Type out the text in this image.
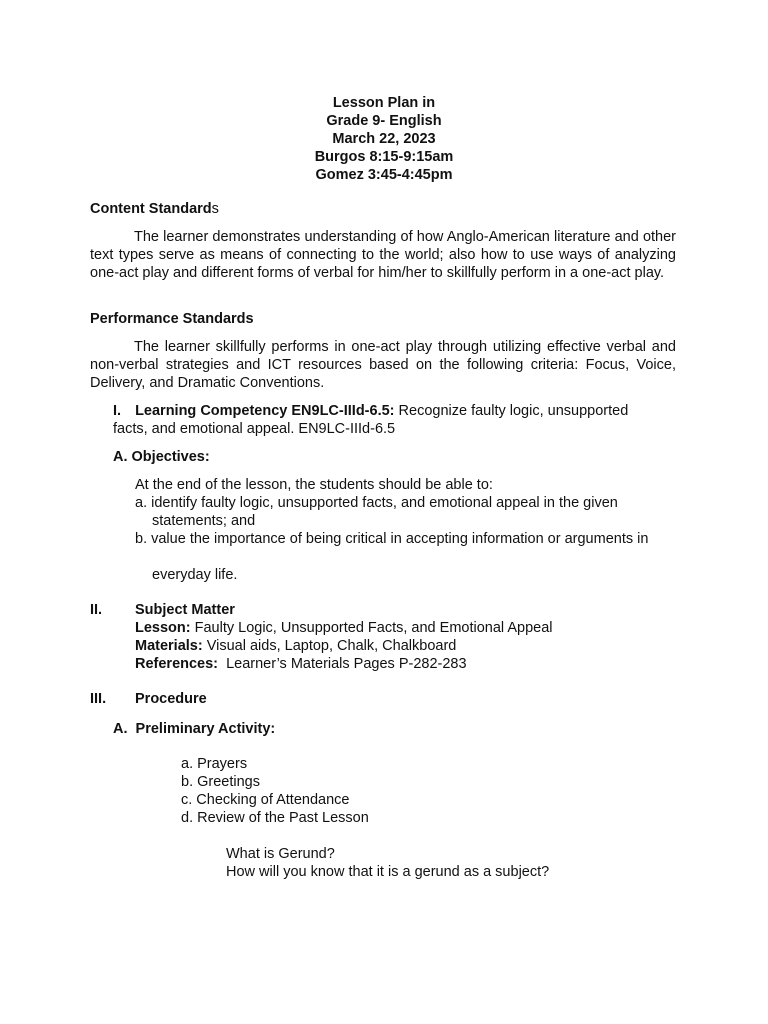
Lesson Plan in
Grade 9- English
March 22, 2023
Burgos 8:15-9:15am
Gomez 3:45-4:45pm
Content Standards
The learner demonstrates understanding of how Anglo-American literature and other text types serve as means of connecting to the world; also how to use ways of analyzing one-act play and different forms of verbal for him/her to skillfully perform in a one-act play.
Performance Standards
The learner skillfully performs in one-act play through utilizing effective verbal and non-verbal strategies and ICT resources based on the following criteria: Focus, Voice, Delivery, and Dramatic Conventions.
I. Learning Competency EN9LC-IIId-6.5: Recognize faulty logic, unsupported
facts, and emotional appeal. EN9LC-IIId-6.5
A. Objectives:
At the end of the lesson, the students should be able to:
a. identify faulty logic, unsupported facts, and emotional appeal in the given
statements; and
b. value the importance of being critical in accepting information or arguments in
everyday life.
II. Subject Matter
Lesson: Faulty Logic, Unsupported Facts, and Emotional Appeal
Materials: Visual aids, Laptop, Chalk, Chalkboard
References:  Learner’s Materials Pages P-282-283
III. Procedure
A.  Preliminary Activity:
a. Prayers
b. Greetings
c. Checking of Attendance
d. Review of the Past Lesson
What is Gerund?
How will you know that it is a gerund as a subject?
